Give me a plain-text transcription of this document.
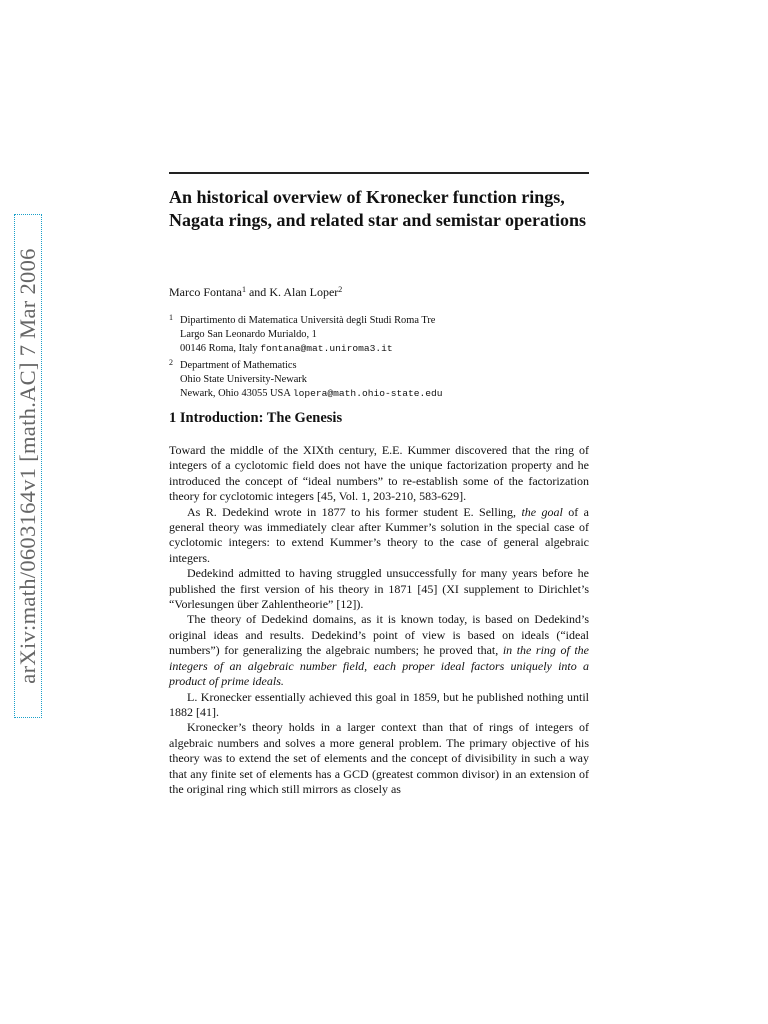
arXiv:math/0603164v1 [math.AC] 7 Mar 2006
An historical overview of Kronecker function rings, Nagata rings, and related star and semistar operations

Marco Fontana$^1$ and K. Alan Loper$^2$

1 Dipartimento di Matematica Università degli Studi Roma Tre
Largo San Leonardo Murialdo, 1
00146 Roma, Italy fontana@mat.uniroma3.it
2 Department of Mathematics
Ohio State University-Newark
Newark, Ohio 43055 USA lopera@math.ohio-state.edu
1 Introduction: The Genesis

Toward the middle of the XIXth century, E.E. Kummer discovered that the ring of integers of a cyclotomic field does not have the unique factorization property and he introduced the concept of “ideal numbers” to re-establish some of the factorization theory for cyclotomic integers [45, Vol. 1, 203-210, 583-629].

As R. Dedekind wrote in 1877 to his former student E. Selling, the goal of a general theory was immediately clear after Kummer’s solution in the special case of cyclotomic integers: to extend Kummer’s theory to the case of general algebraic integers.

Dedekind admitted to having struggled unsuccessfully for many years before he published the first version of his theory in 1871 [45] (XI supplement to Dirichlet’s “Vorlesungen über Zahlentheorie” [12]).

The theory of Dedekind domains, as it is known today, is based on Dedekind’s original ideas and results. Dedekind’s point of view is based on ideals (“ideal numbers”) for generalizing the algebraic numbers; he proved that, in the ring of the integers of an algebraic number field, each proper ideal factors uniquely into a product of prime ideals.

L. Kronecker essentially achieved this goal in 1859, but he published nothing until 1882 [41].

Kronecker’s theory holds in a larger context than that of rings of integers of algebraic numbers and solves a more general problem. The primary objective of his theory was to extend the set of elements and the concept of divisibility in such a way that any finite set of elements has a GCD (greatest common divisor) in an extension of the original ring which still mirrors as closely as
